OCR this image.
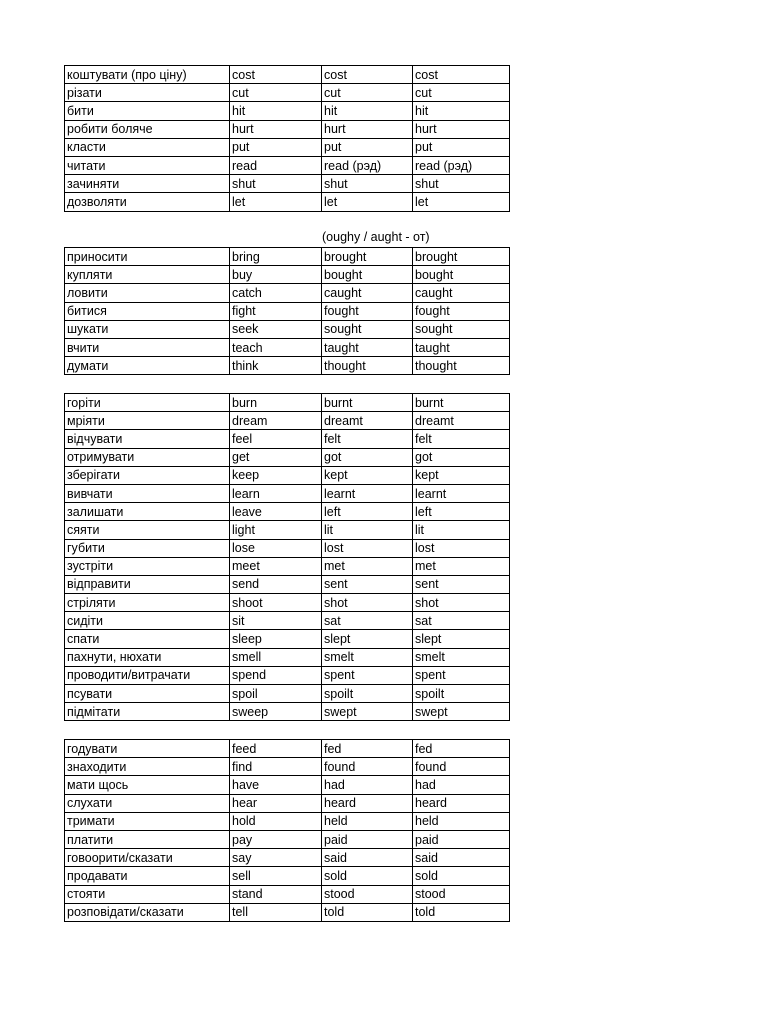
(oughy / aught - от)
коштувати (про ціну)	cost	cost	cost
різати	cut	cut	cut
бити	hit	hit	hit
робити боляче	hurt	hurt	hurt
класти	put	put	put
читати	read	read (рэд)	read (рэд)
зачиняти	shut	shut	shut
дозволяти	let	let	let
приносити	bring	brought	brought
купляти	buy	bought	bought
ловити	catch	caught	caught
битися	fight	fought	fought
шукати	seek	sought	sought
вчити	teach	taught	taught
думати	think	thought	thought
горіти	burn	burnt	burnt
мріяти	dream	dreamt	dreamt
відчувати	feel	felt	felt
отримувати	get	got	got
зберігати	keep	kept	kept
вивчати	learn	learnt	learnt
залишати	leave	left	left
сяяти	light	lit	lit
губити	lose	lost	lost
зустріти	meet	met	met
відправити	send	sent	sent
стріляти	shoot	shot	shot
сидіти	sit	sat	sat
спати	sleep	slept	slept
пахнути, нюхати	smell	smelt	smelt
проводити/витрачати	spend	spent	spent
псувати	spoil	spoilt	spoilt
підмітати	sweep	swept	swept
годувати	feed	fed	fed
знаходити	find	found	found
мати щось	have	had	had
слухати	hear	heard	heard
тримати	hold	held	held
платити	pay	paid	paid
говоорити/сказати	say	said	said
продавати	sell	sold	sold
стояти	stand	stood	stood
розповідати/сказати	tell	told	told
